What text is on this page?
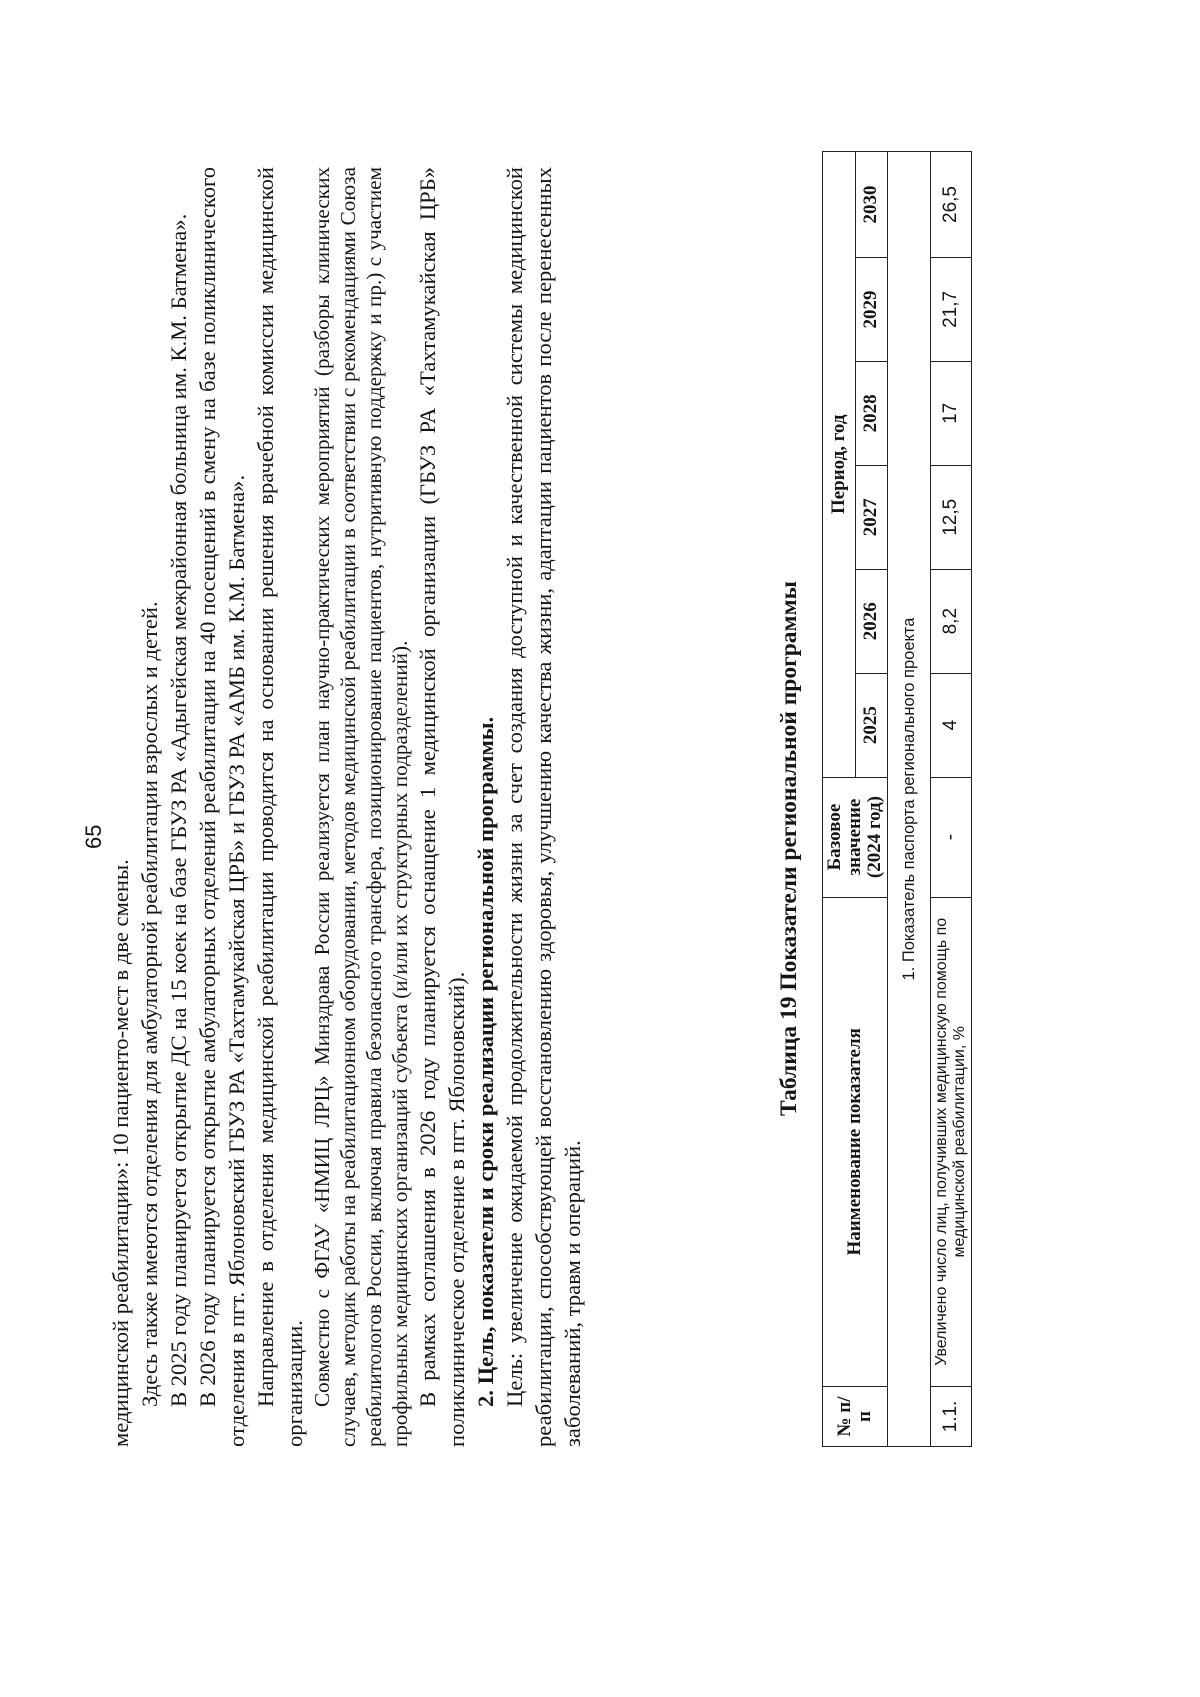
65

медицинской реабилитации»: 10 пациенто-мест в две смены. Здесь также имеются отделения для амбулаторной реабилитации взрослых и детей. В 2025 году планируется открытие ДС на 15 коек на базе ГБУЗ РА «Адыгейская межрайонная больница им. К.М. Батмена». В 2026 году планируется открытие амбулаторных отделений реабилитации на 40 посещений в смену на базе поликлинического отделения в пгт. Яблоновский ГБУЗ РА «Тахтамукайская ЦРБ» и ГБУЗ РА «АМБ им. К.М. Батмена». Направление в отделения медицинской реабилитации проводится на основании решения врачебной комиссии медицинской организации. Совместно с ФГАУ «НМИЦ ЛРЦ» Минздрава России реализуется план научно-практических мероприятий (разборы клинических случаев, методик работы на реабилитационном оборудовании, методов медицинской реабилитации в соответствии с рекомендациями Союза реабилитологов России, включая правила безопасного трансфера, позиционирование пациентов, нутритивную поддержку и пр.) с участием профильных медицинских организаций субъекта (и/или их структурных подразделений). В рамках соглашения в 2026 году планируется оснащение 1 медицинской организации (ГБУЗ РА «Тахтамукайская ЦРБ» поликлиническое отделение в пгт. Яблоновский). 2. Цель, показатели и сроки реализации региональной программы. Цель: увеличение ожидаемой продолжительности жизни за счет создания доступной и качественной системы медицинской реабилитации, способствующей восстановлению здоровья, улучшению качества жизни, адаптации пациентов после перенесенных заболеваний, травм и операций.

Таблица 19 Показатели региональной программы
№ п/п	Наименование показателя	Базовое значение (2024 год)	Период, год					
			2025	2026	2027	2028	2029	2030
1. Показатель паспорта регионального проекта								
1.1.	Увеличено число лиц, получивших медицинскую помощь по медицинской реабилитации, %	-	4	8,2	12,5	17	21,7	26,5
